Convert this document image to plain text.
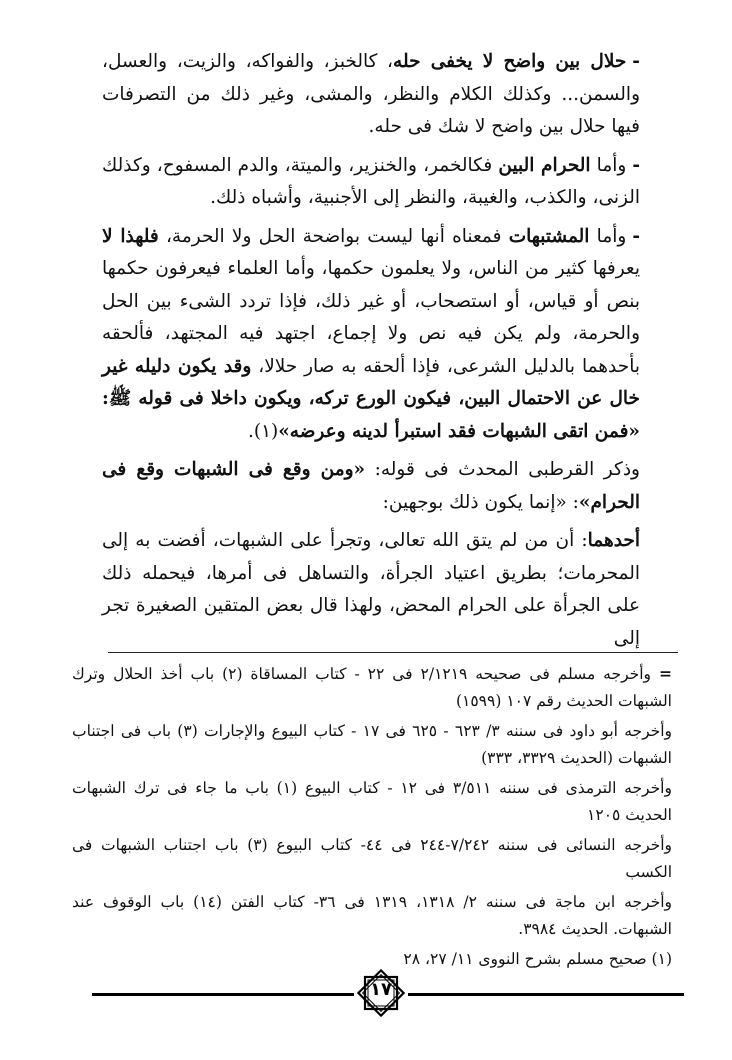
-حلال بين واضح لا يخفى حله، كالخبز، والفواكه، والزيت، والعسل، والسمن... وكذلك الكلام والنظر، والمشى، وغير ذلك من التصرفات فيها حلال بين واضح لا شك فى حله.

-وأما الحرام البين فكالخمر، والخنزير، والميتة، والدم المسفوح، وكذلك الزنى، والكذب، والغيبة، والنظر إلى الأجنبية، وأشباه ذلك.

-وأما المشتبهات فمعناه أنها ليست بواضحة الحل ولا الحرمة، فلهذا لا يعرفها كثير من الناس، ولا يعلمون حكمها، وأما العلماء فيعرفون حكمها بنص أو قياس، أو استصحاب، أو غير ذلك، فإذا تردد الشىء بين الحل والحرمة، ولم يكن فيه نص ولا إجماع، اجتهد فيه المجتهد، فألحقه بأحدهما بالدليل الشرعى، فإذا ألحقه به صار حلالا، وقد يكون دليله غير خال عن الاحتمال البين، فيكون الورع تركه، ويكون داخلا فى قوله ﷺ: «فمن اتقى الشبهات فقد استبرأ لدينه وعرضه»(١).

وذكر القرطبى المحدث فى قوله: «ومن وقع فى الشبهات وقع فى الحرام»: «إنما يكون ذلك بوجهين:

أحدهما: أن من لم يتق الله تعالى، وتجرأ على الشبهات، أفضت به إلى المحرمات؛ بطريق اعتياد الجرأة، والتساهل فى أمرها، فيحمله ذلك على الجرأة على الحرام المحض، ولهذا قال بعض المتقين الصغيرة تجر إلى

=وأخرجه مسلم فى صحيحه ٢/١٢١٩ فى ٢٢ - كتاب المساقاة (٢) باب أخذ الحلال وترك الشبهات الحديث رقم ١٠٧ (١٥٩٩)

وأخرجه أبو داود فى سننه ٣/ ٦٢٣ - ٦٢٥ فى ١٧ - كتاب البيوع والإجارات (٣) باب فى اجتناب الشبهات (الحديث ٣٣٢٩، ٣٣٣)

وأخرجه الترمذى فى سننه ٣/٥١١ فى ١٢ - كتاب البيوع (١) باب ما جاء فى ترك الشبهات الحديث ١٢٠٥

وأخرجه النسائى فى سننه ٧/٢٤٢-٢٤٤ فى ٤٤- كتاب البيوع (٣) باب اجتناب الشبهات فى الكسب

وأخرجه ابن ماجة فى سننه ٢/ ١٣١٨، ١٣١٩ فى ٣٦- كتاب الفتن (١٤) باب الوقوف عند الشبهات. الحديث ٣٩٨٤.

(١) صحيح مسلم بشرح النووى ١١/ ٢٧، ٢٨

١٧
